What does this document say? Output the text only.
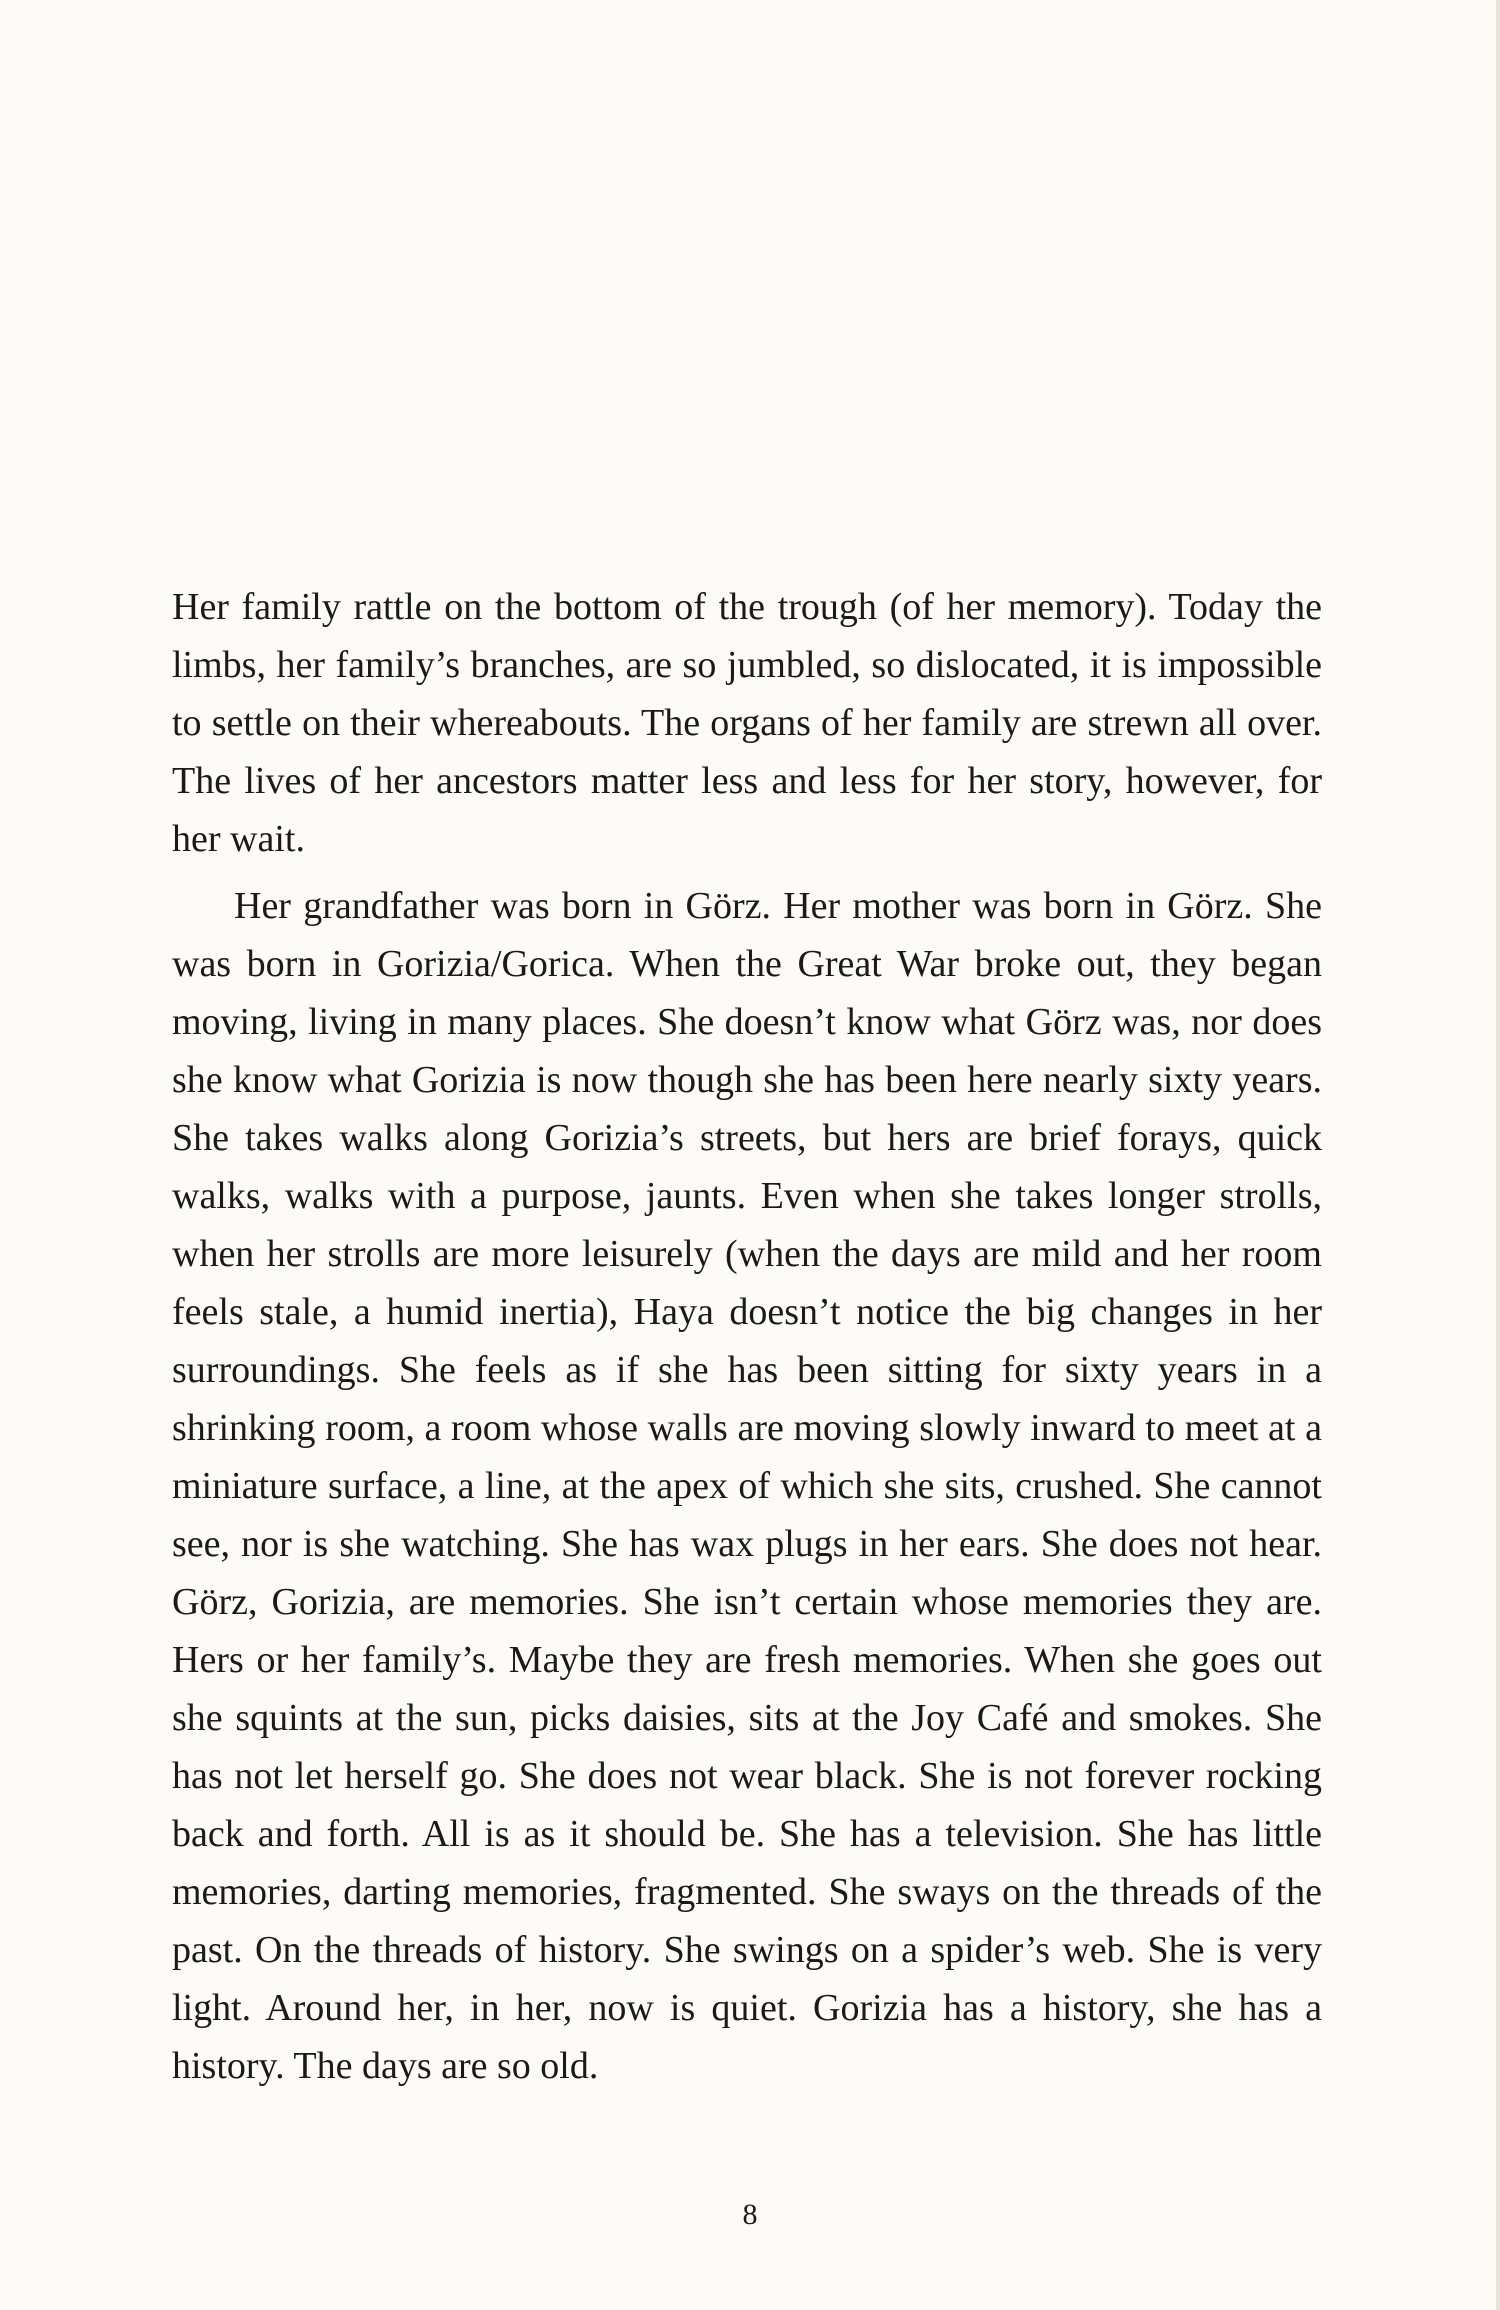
Her family rattle on the bottom of the trough (of her memory). Today the limbs, her family’s branches, are so jumbled, so dislocated, it is impossible to settle on their whereabouts. The organs of her family are strewn all over. The lives of her ancestors matter less and less for her story, however, for her wait.

Her grandfather was born in Görz. Her mother was born in Görz. She was born in Gorizia/Gorica. When the Great War broke out, they began moving, living in many places. She doesn’t know what Görz was, nor does she know what Gorizia is now though she has been here nearly sixty years. She takes walks along Gorizia’s streets, but hers are brief forays, quick walks, walks with a purpose, jaunts. Even when she takes longer strolls, when her strolls are more leisurely (when the days are mild and her room feels stale, a humid inertia), Haya doesn’t notice the big changes in her surroundings. She feels as if she has been sitting for sixty years in a shrinking room, a room whose walls are moving slowly inward to meet at a miniature surface, a line, at the apex of which she sits, crushed. She cannot see, nor is she watching. She has wax plugs in her ears. She does not hear. Görz, Gorizia, are memories. She isn’t certain whose memories they are. Hers or her family’s. Maybe they are fresh memories. When she goes out she squints at the sun, picks daisies, sits at the Joy Café and smokes. She has not let herself go. She does not wear black. She is not forever rocking back and forth. All is as it should be. She has a television. She has little memories, darting memories, fragmented. She sways on the threads of the past. On the threads of history. She swings on a spider’s web. She is very light. Around her, in her, now is quiet. Gorizia has a history, she has a history. The days are so old.

8
